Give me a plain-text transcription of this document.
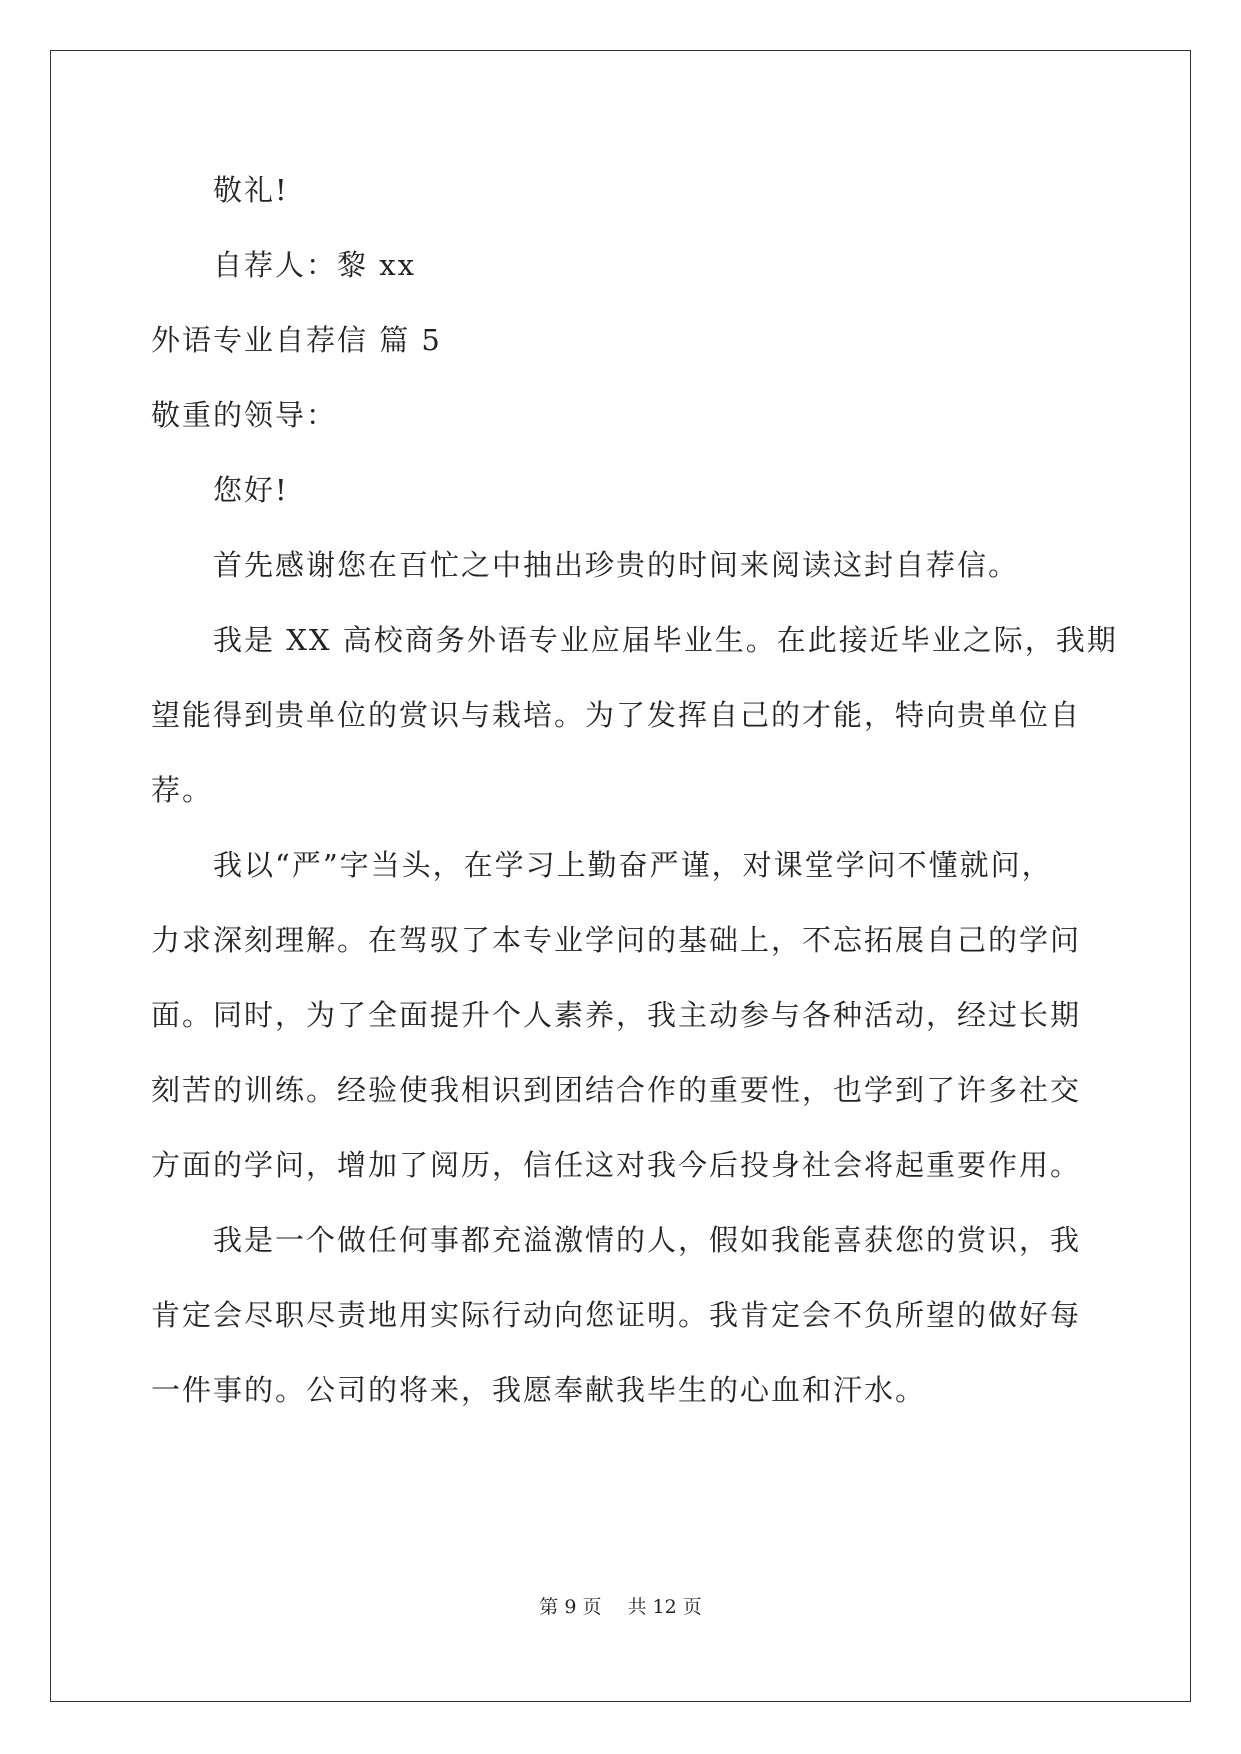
敬礼!
自荐人：黎 xx
外语专业自荐信 篇 5
敬重的领导：
您好!
首先感谢您在百忙之中抽出珍贵的时间来阅读这封自荐信。
我是 XX 高校商务外语专业应届毕业生。在此接近毕业之际，我期
望能得到贵单位的赏识与栽培。为了发挥自己的才能，特向贵单位自
荐。
我以“严”字当头，在学习上勤奋严谨，对课堂学问不懂就问，
力求深刻理解。在驾驭了本专业学问的基础上，不忘拓展自己的学问
面。同时，为了全面提升个人素养，我主动参与各种活动，经过长期
刻苦的训练。经验使我相识到团结合作的重要性，也学到了许多社交
方面的学问，增加了阅历，信任这对我今后投身社会将起重要作用。
我是一个做任何事都充溢激情的人，假如我能喜获您的赏识，我
肯定会尽职尽责地用实际行动向您证明。我肯定会不负所望的做好每
一件事的。公司的将来，我愿奉献我毕生的心血和汗水。
第 9 页 共 12 页
